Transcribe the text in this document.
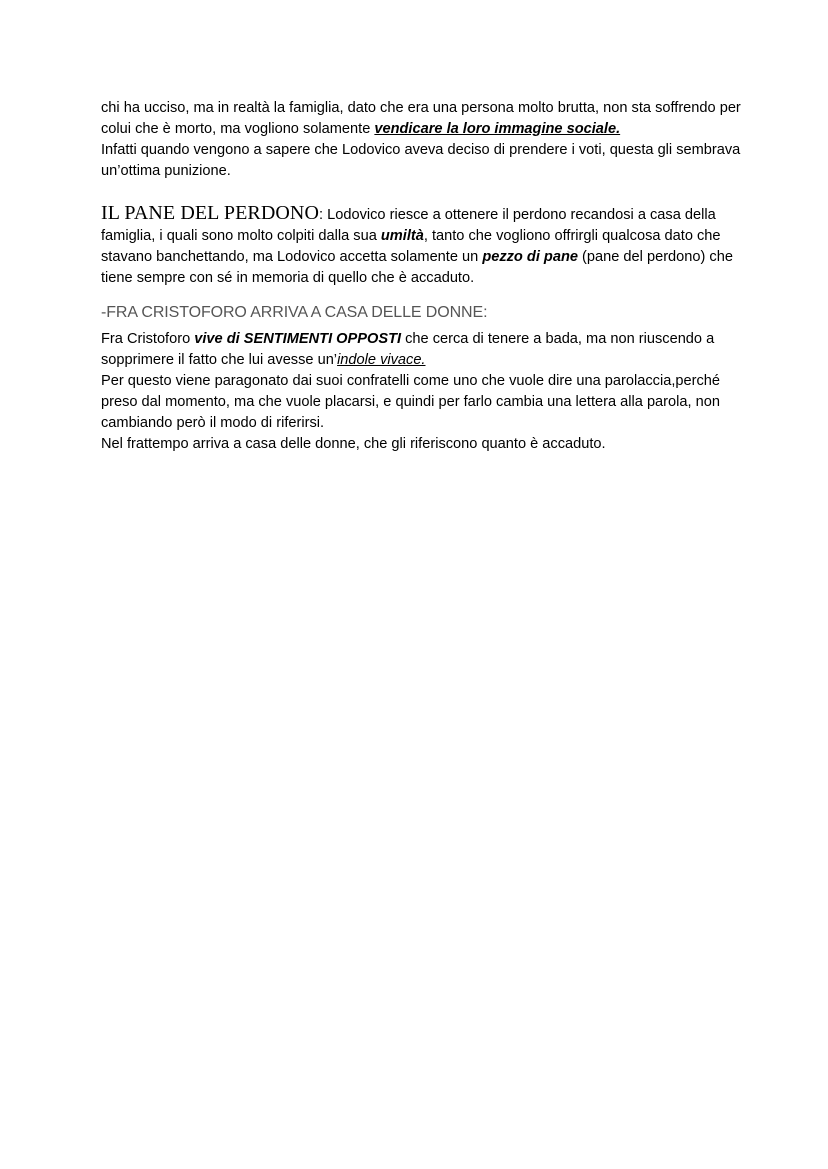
chi ha ucciso, ma in realtà la famiglia, dato che era una persona molto brutta, non sta soffrendo per colui che è morto, ma vogliono solamente vendicare la loro immagine sociale.

Infatti quando vengono a sapere che Lodovico aveva deciso di prendere i voti, questa gli sembrava un’ottima punizione.

IL PANE DEL PERDONO: Lodovico riesce a ottenere il perdono recandosi a casa della famiglia, i quali sono molto colpiti dalla sua umiltà, tanto che vogliono offrirgli qualcosa dato che stavano banchettando, ma Lodovico accetta solamente un pezzo di pane (pane del perdono) che tiene sempre con sé in memoria di quello che è accaduto.

-FRA CRISTOFORO ARRIVA A CASA DELLE DONNE:

Fra Cristoforo vive di SENTIMENTI OPPOSTI che cerca di tenere a bada, ma non riuscendo a sopprimere il fatto che lui avesse un’indole vivace.

Per questo viene paragonato dai suoi confratelli come uno che vuole dire una parolaccia,perché preso dal momento, ma che vuole placarsi, e quindi per farlo cambia una lettera alla parola, non cambiando però il modo di riferirsi.

Nel frattempo arriva a casa delle donne, che gli riferiscono quanto è accaduto.
